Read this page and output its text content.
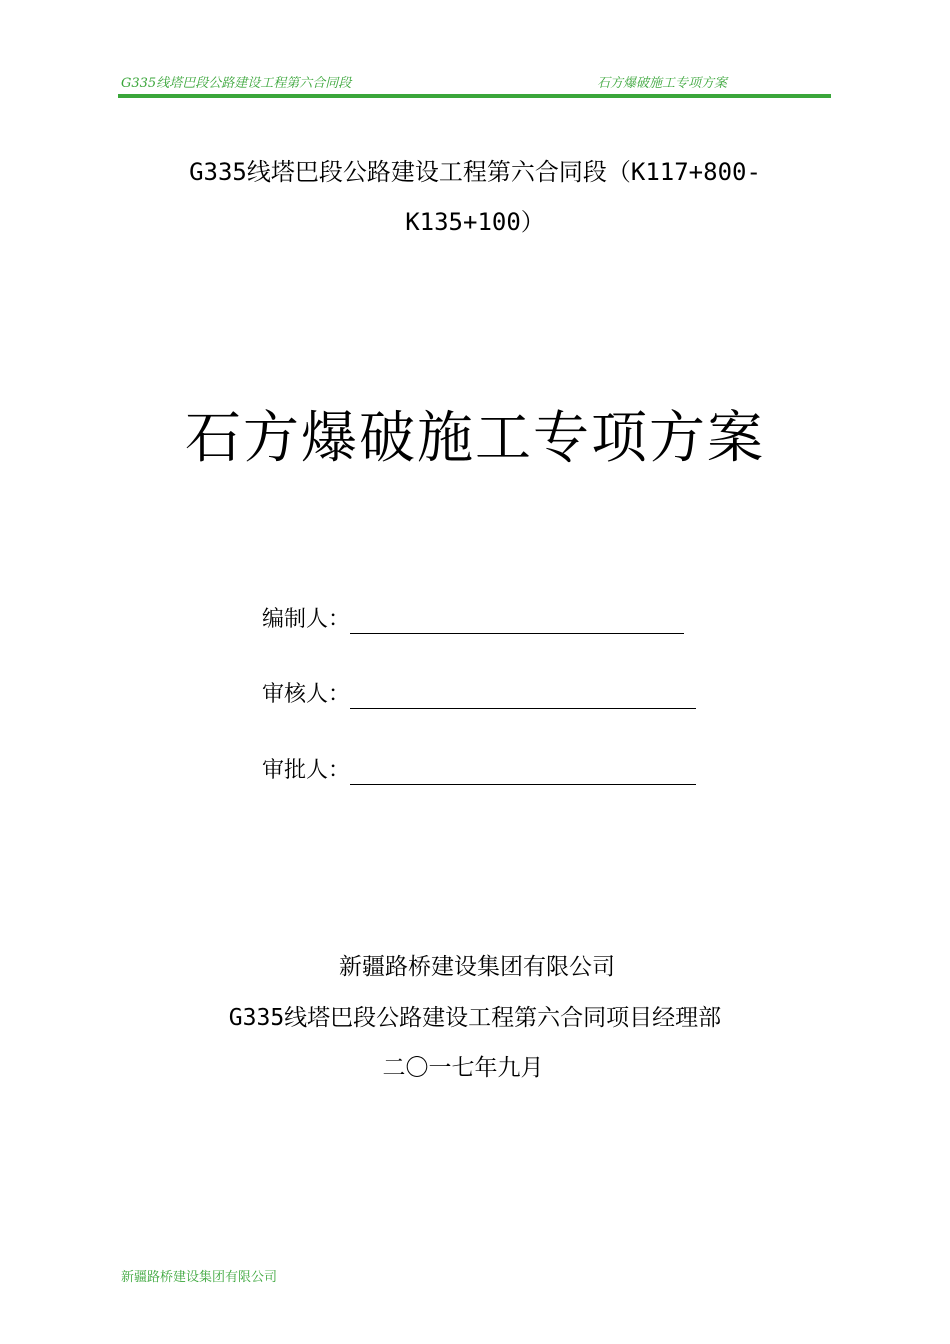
G335线塔巴段公路建设工程第六合同段	石方爆破施工专项方案
G335线塔巴段公路建设工程第六合同段（K117+800-
K135+100）
石方爆破施工专项方案
编制人：
审核人：
审批人：
新疆路桥建设集团有限公司
G335线塔巴段公路建设工程第六合同项目经理部
二〇一七年九月
新疆路桥建设集团有限公司
